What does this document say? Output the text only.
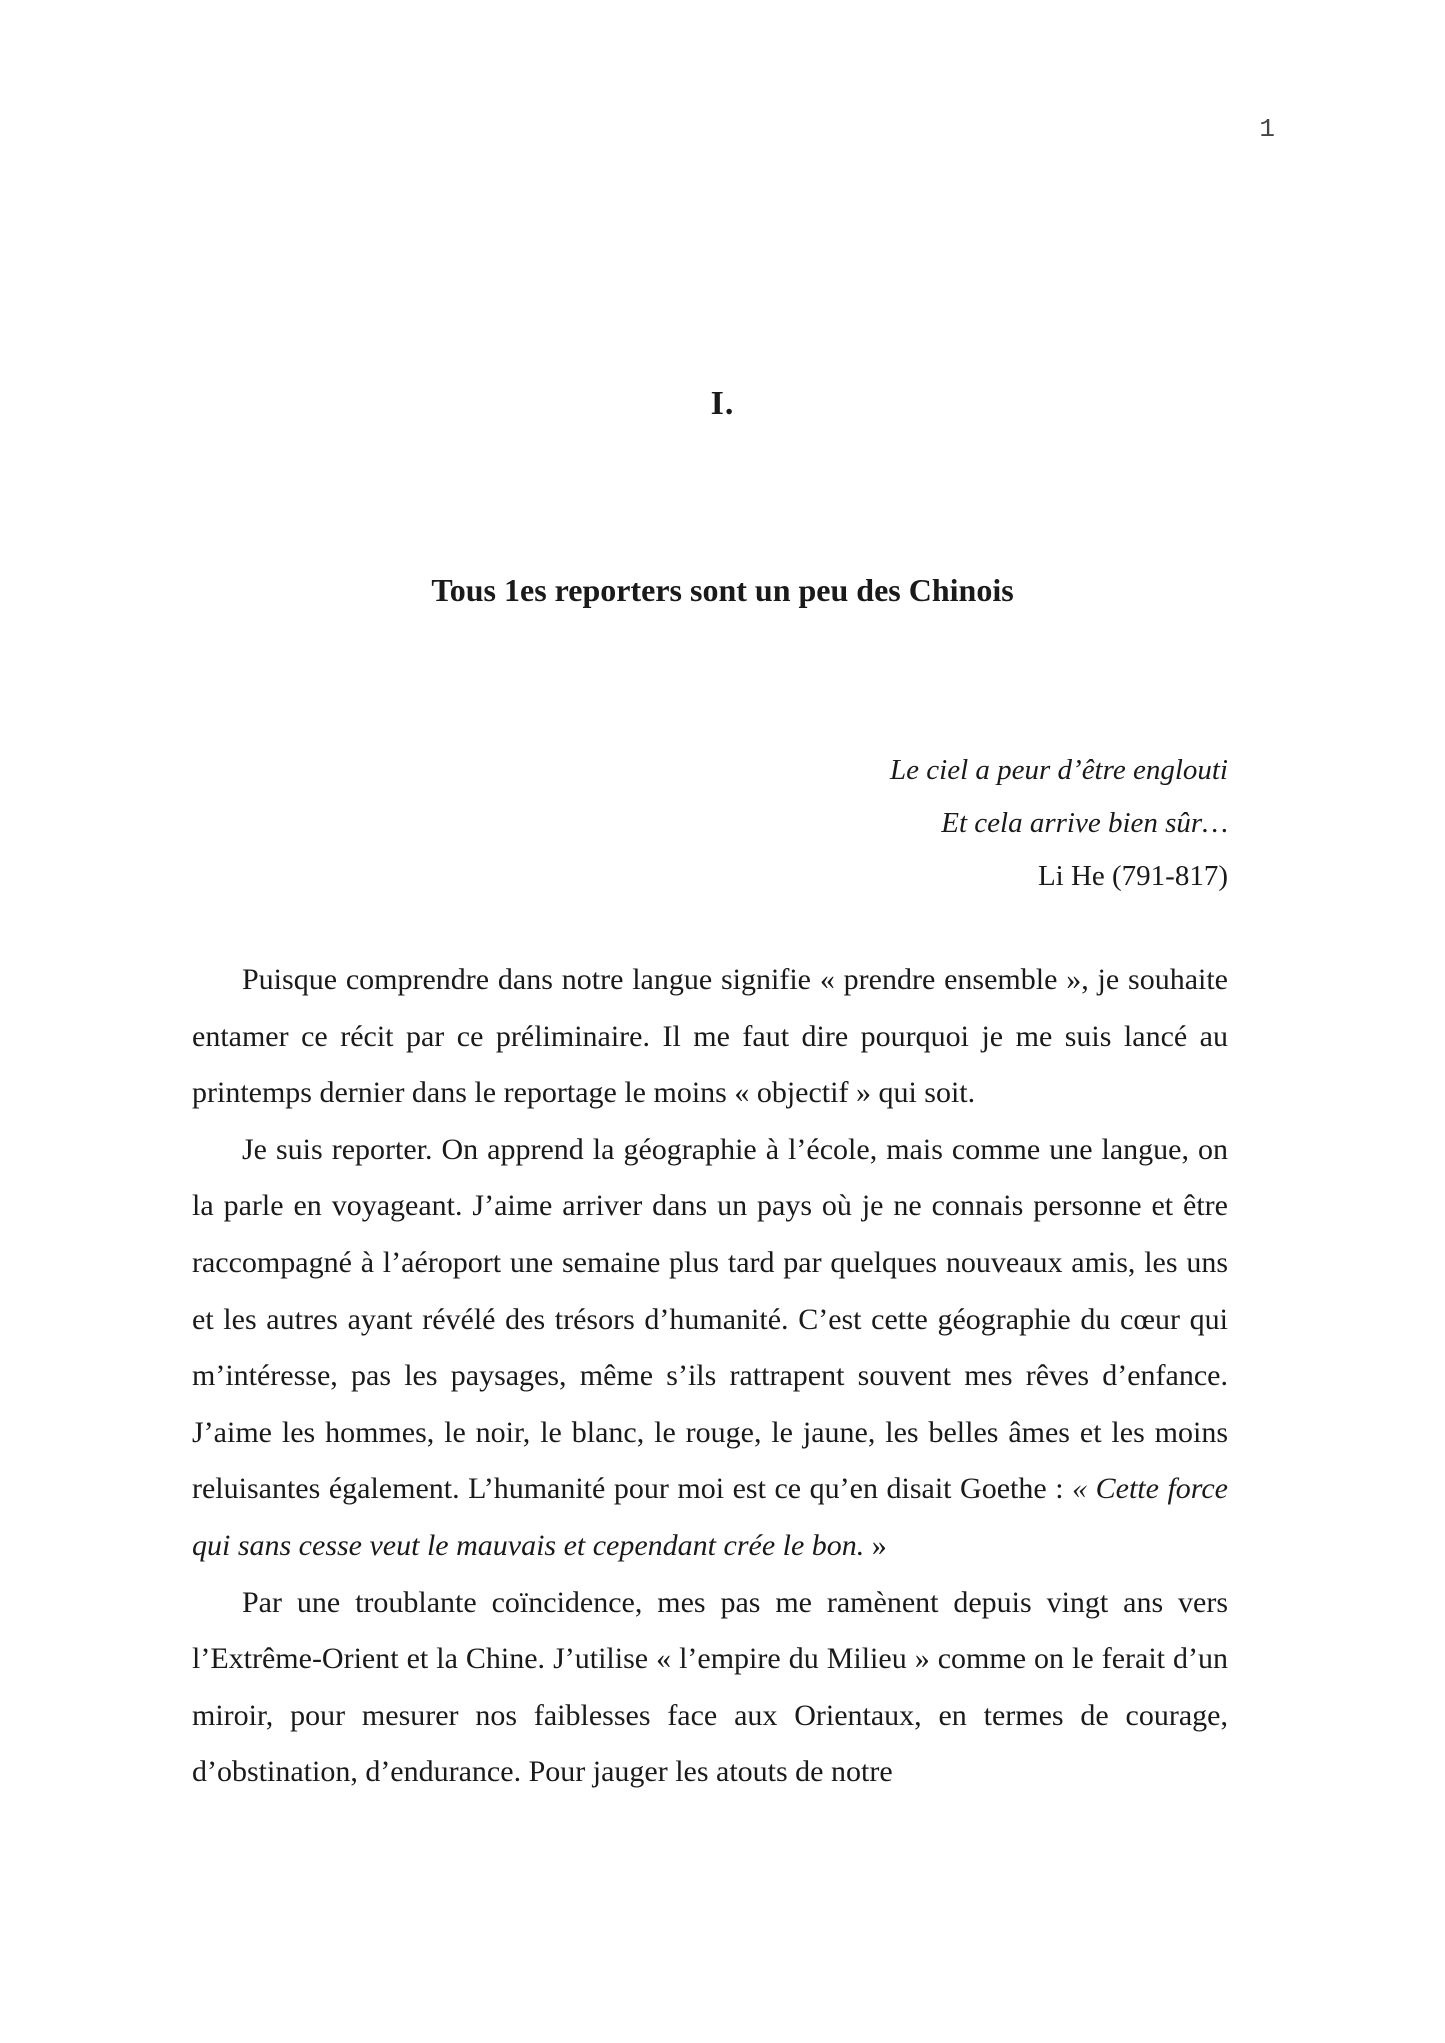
1
I.
Tous 1es reporters sont un peu des Chinois
Le ciel a peur d’être englouti
Et cela arrive bien sûr…
Li He (791-817)

Puisque comprendre dans notre langue signifie « prendre ensemble », je souhaite entamer ce récit par ce préliminaire. Il me faut dire pourquoi je me suis lancé au printemps dernier dans le reportage le moins « objectif » qui soit.

Je suis reporter. On apprend la géographie à l’école, mais comme une langue, on la parle en voyageant. J’aime arriver dans un pays où je ne connais personne et être raccompagné à l’aéroport une semaine plus tard par quelques nouveaux amis, les uns et les autres ayant révélé des trésors d’humanité. C’est cette géographie du cœur qui m’intéresse, pas les paysages, même s’ils rattrapent souvent mes rêves d’enfance. J’aime les hommes, le noir, le blanc, le rouge, le jaune, les belles âmes et les moins reluisantes également. L’humanité pour moi est ce qu’en disait Goethe : « Cette force qui sans cesse veut le mauvais et cependant crée le bon. »

Par une troublante coïncidence, mes pas me ramènent depuis vingt ans vers l’Extrême-Orient et la Chine. J’utilise « l’empire du Milieu » comme on le ferait d’un miroir, pour mesurer nos faiblesses face aux Orientaux, en termes de courage, d’obstination, d’endurance. Pour jauger les atouts de notre
